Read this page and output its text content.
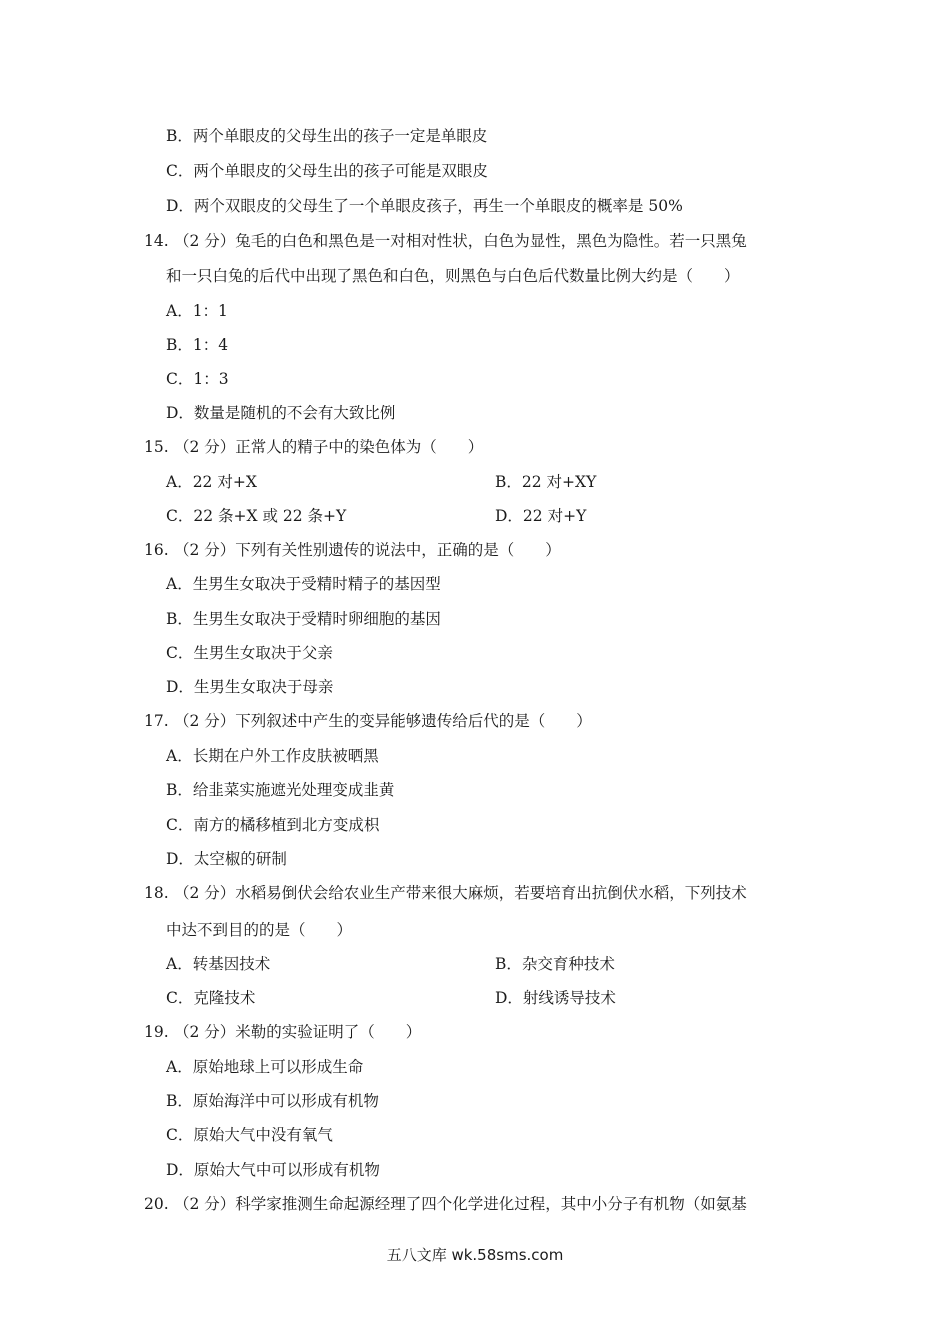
B．两个单眼皮的父母生出的孩子一定是单眼皮
C．两个单眼皮的父母生出的孩子可能是双眼皮
D．两个双眼皮的父母生了一个单眼皮孩子，再生一个单眼皮的概率是 50%
14. （2 分）兔毛的白色和黑色是一对相对性状，白色为显性，黑色为隐性。若一只黑兔
和一只白兔的后代中出现了黑色和白色，则黑色与白色后代数量比例大约是（　　）
A．1：1
B．1：4
C．1：3
D．数量是随机的不会有大致比例
15. （2 分）正常人的精子中的染色体为（　　）
A．22 对+X	B．22 对+XY
C．22 条+X 或 22 条+Y	D．22 对+Y
16. （2 分）下列有关性别遗传的说法中，正确的是（　　）
A．生男生女取决于受精时精子的基因型
B．生男生女取决于受精时卵细胞的基因
C．生男生女取决于父亲
D．生男生女取决于母亲
17. （2 分）下列叙述中产生的变异能够遗传给后代的是（　　）
A．长期在户外工作皮肤被晒黑
B．给韭菜实施遮光处理变成韭黄
C．南方的橘移植到北方变成枳
D．太空椒的研制
18. （2 分）水稻易倒伏会给农业生产带来很大麻烦，若要培育出抗倒伏水稻，下列技术
中达不到目的的是（　　）
A．转基因技术	B．杂交育种技术
C．克隆技术	D．射线诱导技术
19. （2 分）米勒的实验证明了（　　）
A．原始地球上可以形成生命
B．原始海洋中可以形成有机物
C．原始大气中没有氧气
D．原始大气中可以形成有机物
20. （2 分）科学家推测生命起源经理了四个化学进化过程，其中小分子有机物（如氨基
五八文库 wk.58sms.com
